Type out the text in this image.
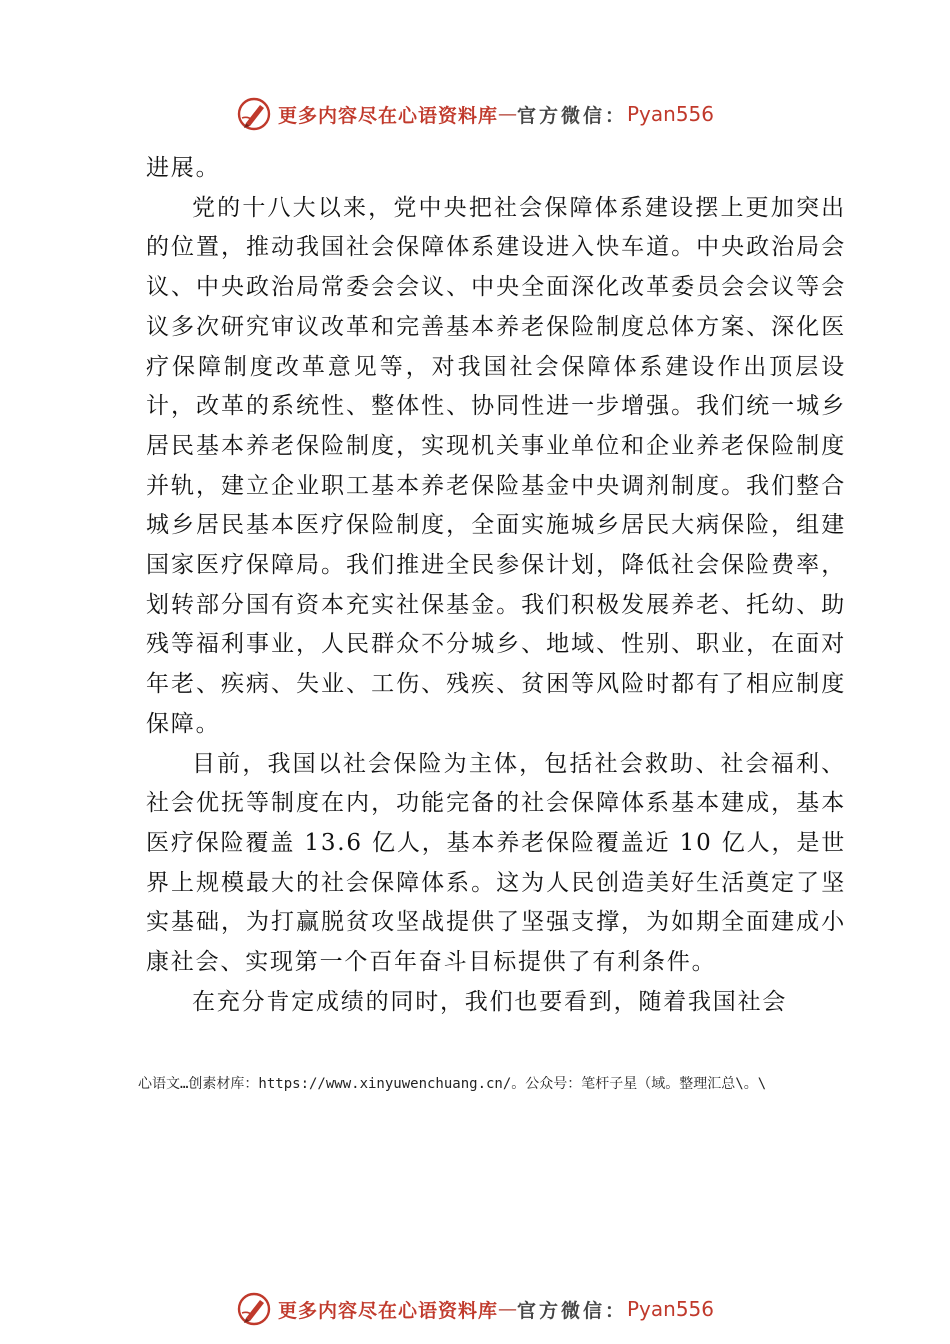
更多内容尽在心语资料库 — 官方微信： Pyan556

进展。

党的十八大以来，党中央把社会保障体系建设摆上更加突出的位置，推动我国社会保障体系建设进入快车道。中央政治局会议、中央政治局常委会会议、中央全面深化改革委员会会议等会议多次研究审议改革和完善基本养老保险制度总体方案、深化医疗保障制度改革意见等，对我国社会保障体系建设作出顶层设计，改革的系统性、整体性、协同性进一步增强。我们统一城乡居民基本养老保险制度，实现机关事业单位和企业养老保险制度并轨，建立企业职工基本养老保险基金中央调剂制度。我们整合城乡居民基本医疗保险制度，全面实施城乡居民大病保险，组建国家医疗保障局。我们推进全民参保计划，降低社会保险费率，划转部分国有资本充实社保基金。我们积极发展养老、托幼、助残等福利事业，人民群众不分城乡、地域、性别、职业，在面对年老、疾病、失业、工伤、残疾、贫困等风险时都有了相应制度保障。

目前，我国以社会保险为主体，包括社会救助、社会福利、社会优抚等制度在内，功能完备的社会保障体系基本建成，基本医疗保险覆盖 13.6 亿人，基本养老保险覆盖近 10 亿人，是世界上规模最大的社会保障体系。这为人民创造美好生活奠定了坚实基础，为打赢脱贫攻坚战提供了坚强支撑，为如期全面建成小康社会、实现第一个百年奋斗目标提供了有利条件。

在充分肯定成绩的同时，我们也要看到，随着我国社会

心语文…创素材库：https://www.xinyuwenchuang.cn/。公众号：笔杆子星（域。整理汇总\。\
更多内容尽在心语资料库 — 官方微信： Pyan556
